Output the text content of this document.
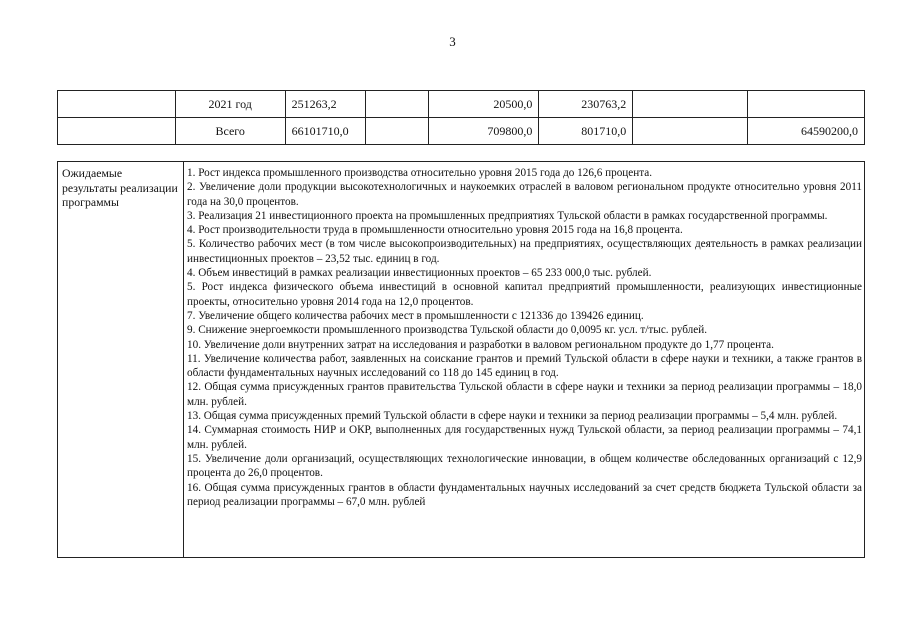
3
	2021 год	251263,2		20500,0	230763,2		
	Всего	66101710,0		709800,0	801710,0		64590200,0
Ожидаемые результаты реализации программы	
1. Рост индекса промышленного производства относительно уровня 2015 года до 126,6 процента.
2. Увеличение доли продукции высокотехнологичных и наукоемких отраслей в валовом региональном продукте относительно уровня 2011 года на 30,0 процентов.
3. Реализация 21 инвестиционного проекта на промышленных предприятиях Тульской области в рамках государственной программы.
4. Рост производительности труда в промышленности относительно уровня 2015 года на 16,8 процента.
5. Количество рабочих мест (в том числе высокопроизводительных) на предприятиях, осуществляющих деятельность в рамках реализации инвестиционных проектов – 23,52 тыс. единиц в год.
4. Объем инвестиций в рамках реализации инвестиционных проектов – 65 233 000,0 тыс. рублей.
5. Рост индекса физического объема инвестиций в основной капитал предприятий промышленности, реализующих инвестиционные проекты, относительно уровня 2014 года на 12,0 процентов.
7. Увеличение общего количества рабочих мест в промышленности с 121336 до 139426 единиц.
9. Снижение энергоемкости промышленного производства Тульской области до 0,0095 кг. усл. т/тыс. рублей.
10. Увеличение доли внутренних затрат на исследования и разработки в валовом региональном продукте до 1,77 процента.
11. Увеличение количества работ, заявленных на соискание грантов и премий Тульской области в сфере науки и техники, а также грантов в области фундаментальных научных исследований со 118 до 145 единиц в год.
12. Общая сумма присужденных грантов правительства Тульской области в сфере науки и техники за период реализации программы – 18,0 млн. рублей.
13. Общая сумма присужденных премий Тульской области в сфере науки и техники за период реализации программы – 5,4 млн. рублей.
14. Суммарная стоимость НИР и ОКР, выполненных для государственных нужд Тульской области, за период реализации программы – 74,1 млн. рублей.
15. Увеличение доли организаций, осуществляющих технологические инновации, в общем количестве обследованных организаций с 12,9 процента до 26,0 процентов.
16. Общая сумма присужденных грантов в области фундаментальных научных исследований за счет средств бюджета Тульской области за период реализации программы – 67,0 млн. рублей
